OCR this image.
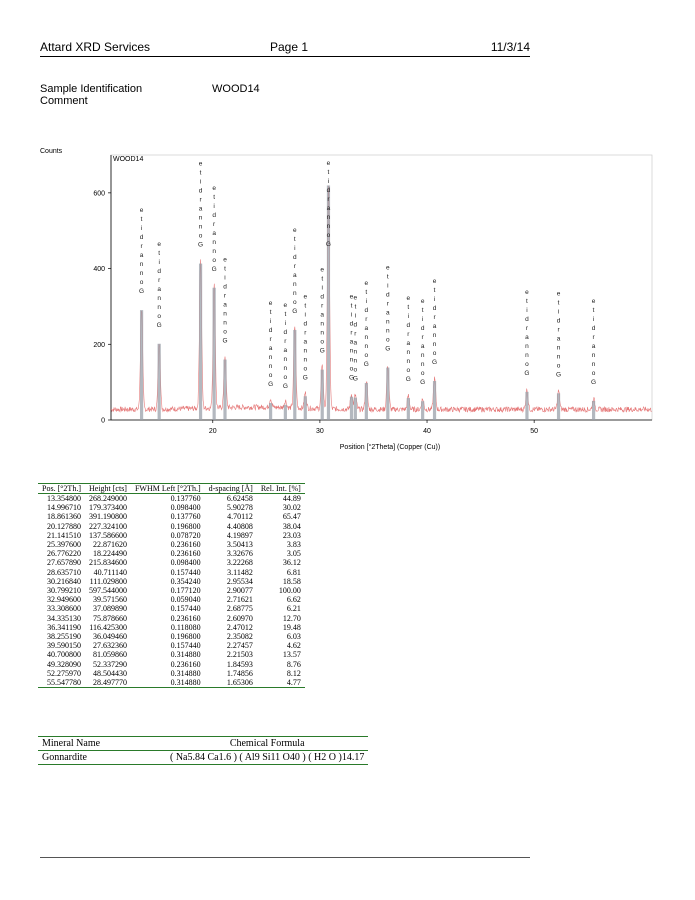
Attard XRD Services	Page 1	11/3/14
Sample Identification	WOOD14
Comment
Counts
WOOD14
Position [°2Theta] (Copper (Cu))
0
200
400
600
20	30	40	50
e
t
i
d
r
a
n
n
o
G
e
t
i
d
r
a
n
n
o
G
e
t
i
d
r
a
n
n
o
G
e
t
i
d
r
a
n
n
o
G
e
t
i
d
r
a
n
n
o
G
e
t
i
d
r
a
n
n
o
G
e
t
i
d
r
a
n
n
o
G
e
t
i
d
r
a
n
n
o
G
e
t
i
d
r
a
n
n
o
G
e
t
i
d
r
a
n
n
o
G
e
t
i
d
r
a
n
n
o
G
e
t
i
d
r
a
n
n
o
G
e
t
i
d
r
a
n
n
o
G
e
t
i
d
r
a
n
n
o
G
e
t
i
d
r
a
n
n
o
G
e
t
i
d
r
a
n
n
o
G
e
t
i
d
r
a
n
n
o
G
e
t
i
d
r
a
n
n
o
G
e
t
i
d
r
a
n
n
o
G
e
t
i
d
r
a
n
n
o
G
e
t
i
d
r
a
n
n
o
G
Pos. [°2Th.]	Height [cts]	FWHM Left [°2Th.]	d-spacing [Å]	Rel. Int. [%]
13.354800	268.249000	0.137760	6.62458	44.89
14.996710	179.373400	0.098400	5.90278	30.02
18.861360	391.190800	0.137760	4.70112	65.47
20.127880	227.324100	0.196800	4.40808	38.04
21.141510	137.586600	0.078720	4.19897	23.03
25.397600	22.871620	0.236160	3.50413	3.83
26.776220	18.224490	0.236160	3.32676	3.05
27.657890	215.834600	0.098400	3.22268	36.12
28.635710	40.711140	0.157440	3.11482	6.81
30.216840	111.029800	0.354240	2.95534	18.58
30.799210	597.544000	0.177120	2.90077	100.00
32.949600	39.571560	0.059040	2.71621	6.62
33.308600	37.089890	0.157440	2.68775	6.21
34.335130	75.878660	0.236160	2.60970	12.70
36.341190	116.425300	0.118080	2.47012	19.48
38.255190	36.049460	0.196800	2.35082	6.03
39.590150	27.632360	0.157440	2.27457	4.62
40.700800	81.059860	0.314880	2.21503	13.57
49.328090	52.337290	0.236160	1.84593	8.76
52.275970	48.504430	0.314880	1.74856	8.12
55.547780	28.497770	0.314880	1.65306	4.77
Mineral Name	Chemical Formula
Gonnardite	( Na5.84 Ca1.6 ) ( Al9 Si11 O40 ) ( H2 O )14.17
